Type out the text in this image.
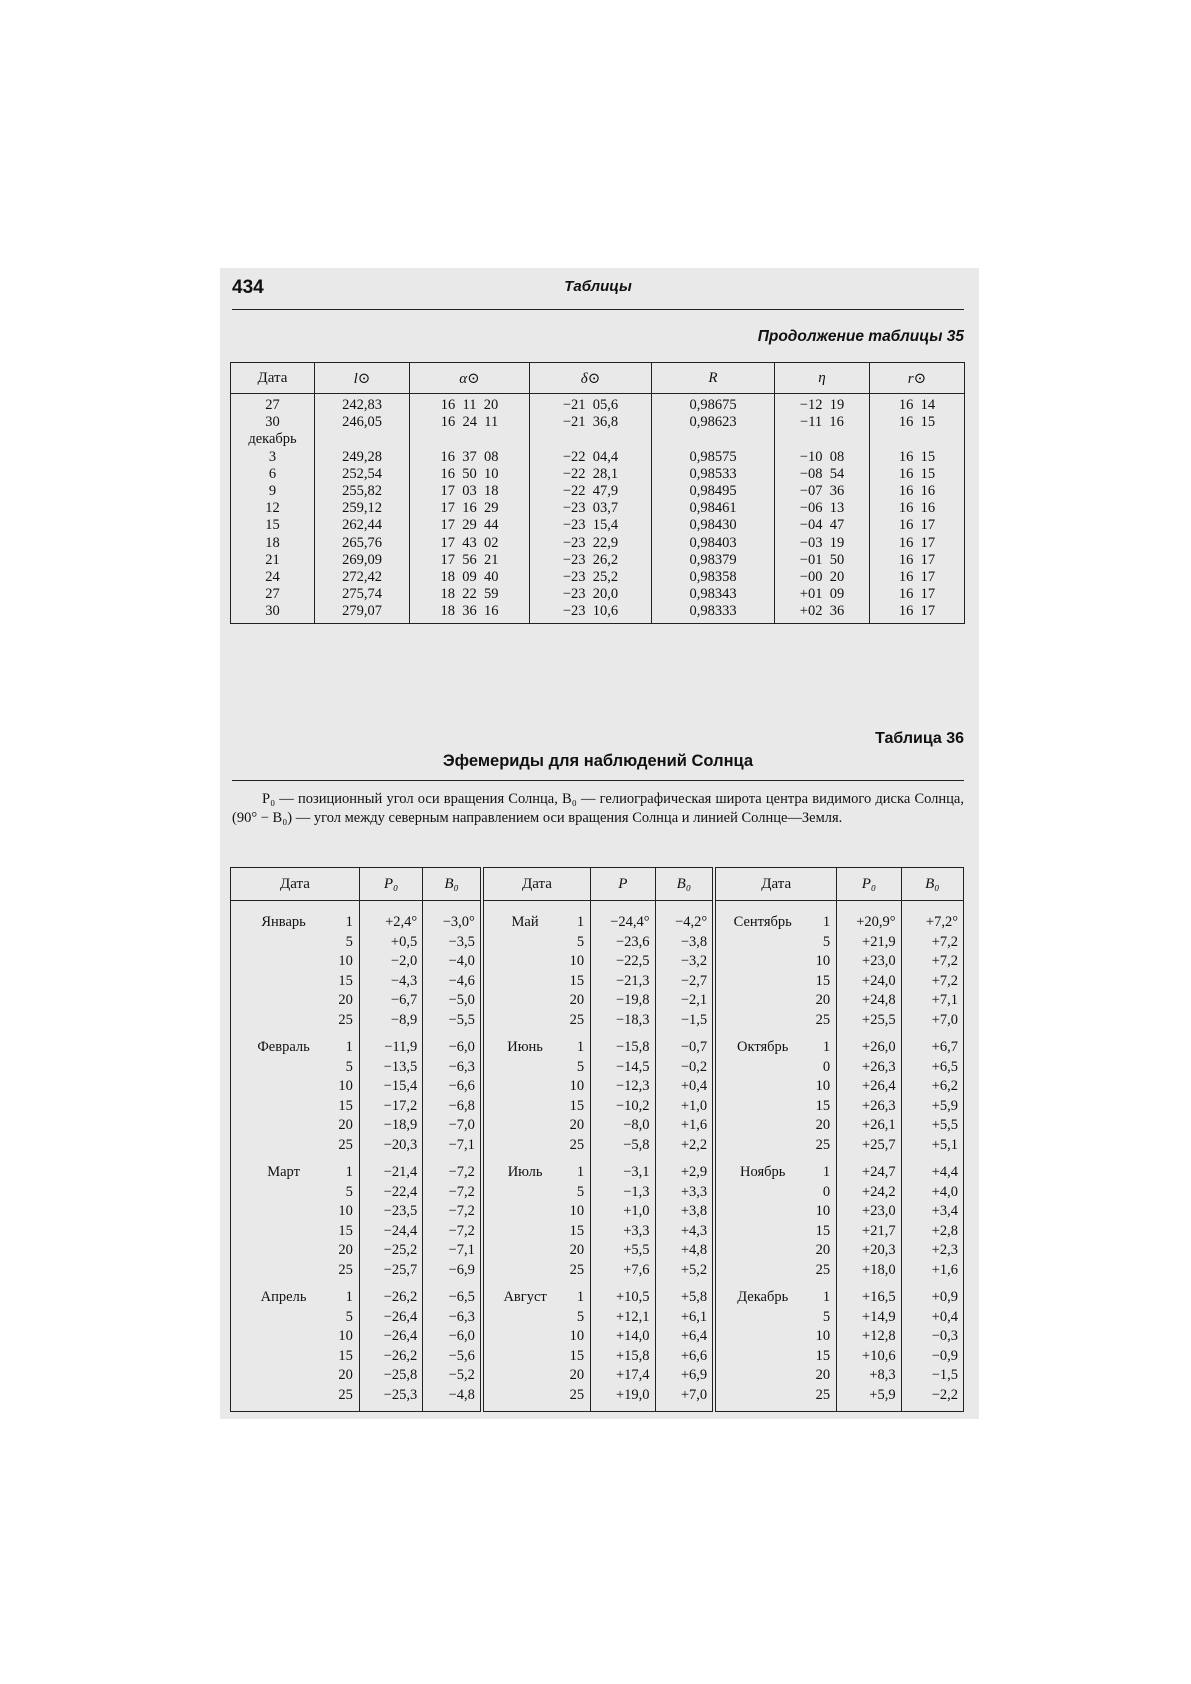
434	Таблицы
Продолжение таблицы 35
Дата	l⊙	α⊙	δ⊙	R	η	r⊙
27	242,83	16  11  20	−21  05,6	0,98675	−12  19	16  14
30	246,05	16  24  11	−21  36,8	0,98623	−11  16	16  15
декабрь						
3	249,28	16  37  08	−22  04,4	0,98575	−10  08	16  15
6	252,54	16  50  10	−22  28,1	0,98533	−08  54	16  15
9	255,82	17  03  18	−22  47,9	0,98495	−07  36	16  16
12	259,12	17  16  29	−23  03,7	0,98461	−06  13	16  16
15	262,44	17  29  44	−23  15,4	0,98430	−04  47	16  17
18	265,76	17  43  02	−23  22,9	0,98403	−03  19	16  17
21	269,09	17  56  21	−23  26,2	0,98379	−01  50	16  17
24	272,42	18  09  40	−23  25,2	0,98358	−00  20	16  17
27	275,74	18  22  59	−23  20,0	0,98343	+01  09	16  17
30	279,07	18  36  16	−23  10,6	0,98333	+02  36	16  17
Таблица 36
Эфемериды для наблюдений Солнца
P₀ — позиционный угол оси вращения Солнца, B₀ — гелиографическая широта центра видимого диска Солнца, (90° − B₀) — угол между северным направлением оси вращения Солнца и линией Солнце—Земля.
Дата		P₀	B₀	Дата		P	B₀	Дата		P₀	B₀
Январь	1	+2,4°	−3,0°	Май	1	−24,4°	−4,2°	Сентябрь	1	+20,9°	+7,2°
	5	+0,5	−3,5		5	−23,6	−3,8		5	+21,9	+7,2
	10	−2,0	−4,0		10	−22,5	−3,2		10	+23,0	+7,2
	15	−4,3	−4,6		15	−21,3	−2,7		15	+24,0	+7,2
	20	−6,7	−5,0		20	−19,8	−2,1		20	+24,8	+7,1
	25	−8,9	−5,5		25	−18,3	−1,5		25	+25,5	+7,0
Февраль	1	−11,9	−6,0	Июнь	1	−15,8	−0,7	Октябрь	1	+26,0	+6,7
	5	−13,5	−6,3		5	−14,5	−0,2		0	+26,3	+6,5
	10	−15,4	−6,6		10	−12,3	+0,4		10	+26,4	+6,2
	15	−17,2	−6,8		15	−10,2	+1,0		15	+26,3	+5,9
	20	−18,9	−7,0		20	−8,0	+1,6		20	+26,1	+5,5
	25	−20,3	−7,1		25	−5,8	+2,2		25	+25,7	+5,1
Март	1	−21,4	−7,2	Июль	1	−3,1	+2,9	Ноябрь	1	+24,7	+4,4
	5	−22,4	−7,2		5	−1,3	+3,3		0	+24,2	+4,0
	10	−23,5	−7,2		10	+1,0	+3,8		10	+23,0	+3,4
	15	−24,4	−7,2		15	+3,3	+4,3		15	+21,7	+2,8
	20	−25,2	−7,1		20	+5,5	+4,8		20	+20,3	+2,3
	25	−25,7	−6,9		25	+7,6	+5,2		25	+18,0	+1,6
Апрель	1	−26,2	−6,5	Август	1	+10,5	+5,8	Декабрь	1	+16,5	+0,9
	5	−26,4	−6,3		5	+12,1	+6,1		5	+14,9	+0,4
	10	−26,4	−6,0		10	+14,0	+6,4		10	+12,8	−0,3
	15	−26,2	−5,6		15	+15,8	+6,6		15	+10,6	−0,9
	20	−25,8	−5,2		20	+17,4	+6,9		20	+8,3	−1,5
	25	−25,3	−4,8		25	+19,0	+7,0		25	+5,9	−2,2
